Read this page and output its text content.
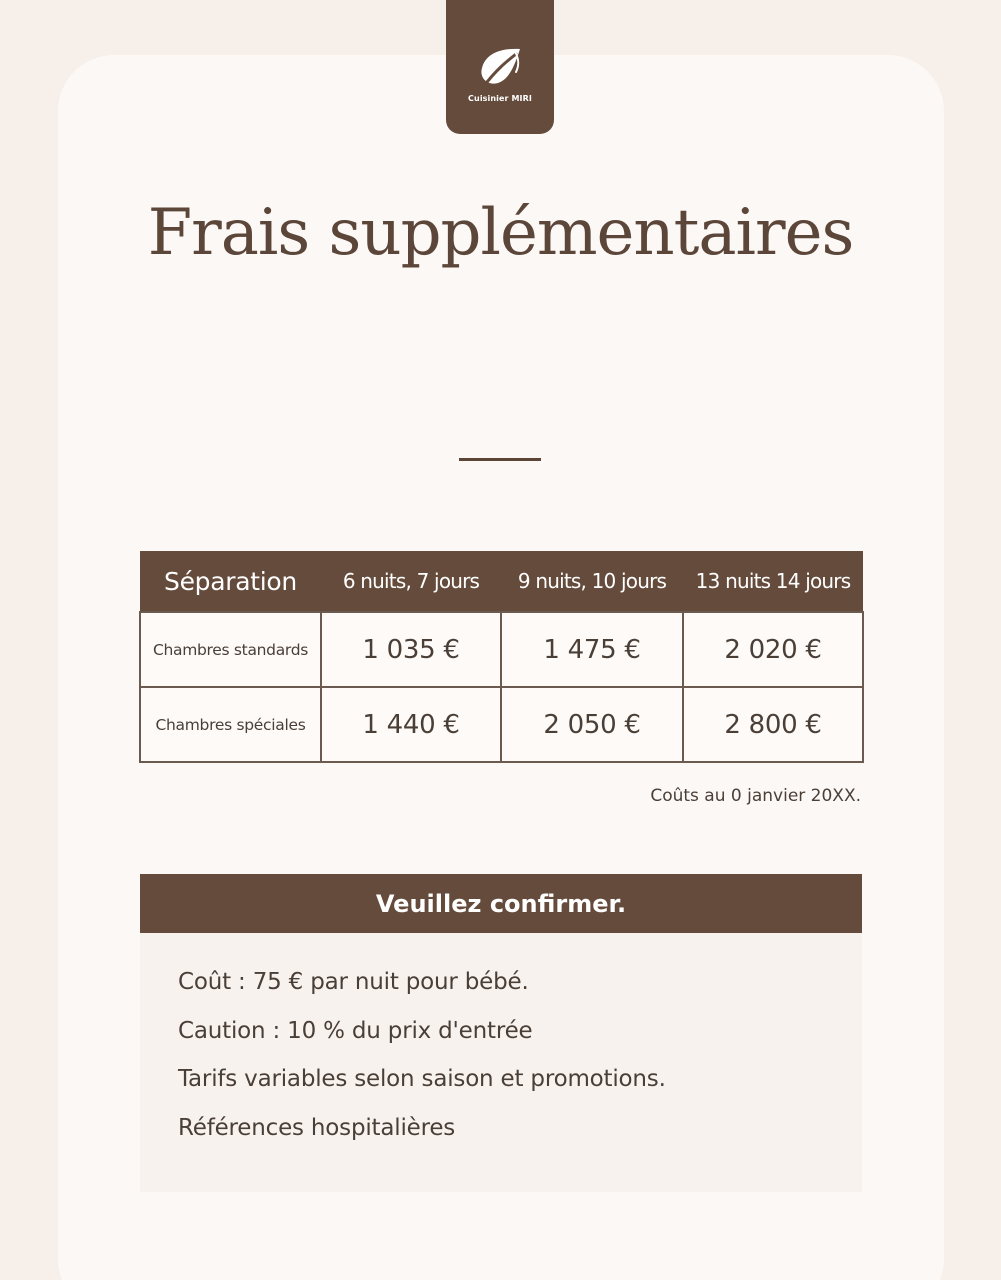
Cuisinier MIRI
Frais supplémentaires
Séparation	6 nuits, 7 jours	9 nuits, 10 jours	13 nuits 14 jours
Chambres standards	1 035 €	1 475 €	2 020 €
Chambres spéciales	1 440 €	2 050 €	2 800 €
Coûts au 0 janvier 20XX.
Veuillez confirmer.
Coût : 75 € par nuit pour bébé.
Caution : 10 % du prix d'entrée
Tarifs variables selon saison et promotions.
Références hospitalières
